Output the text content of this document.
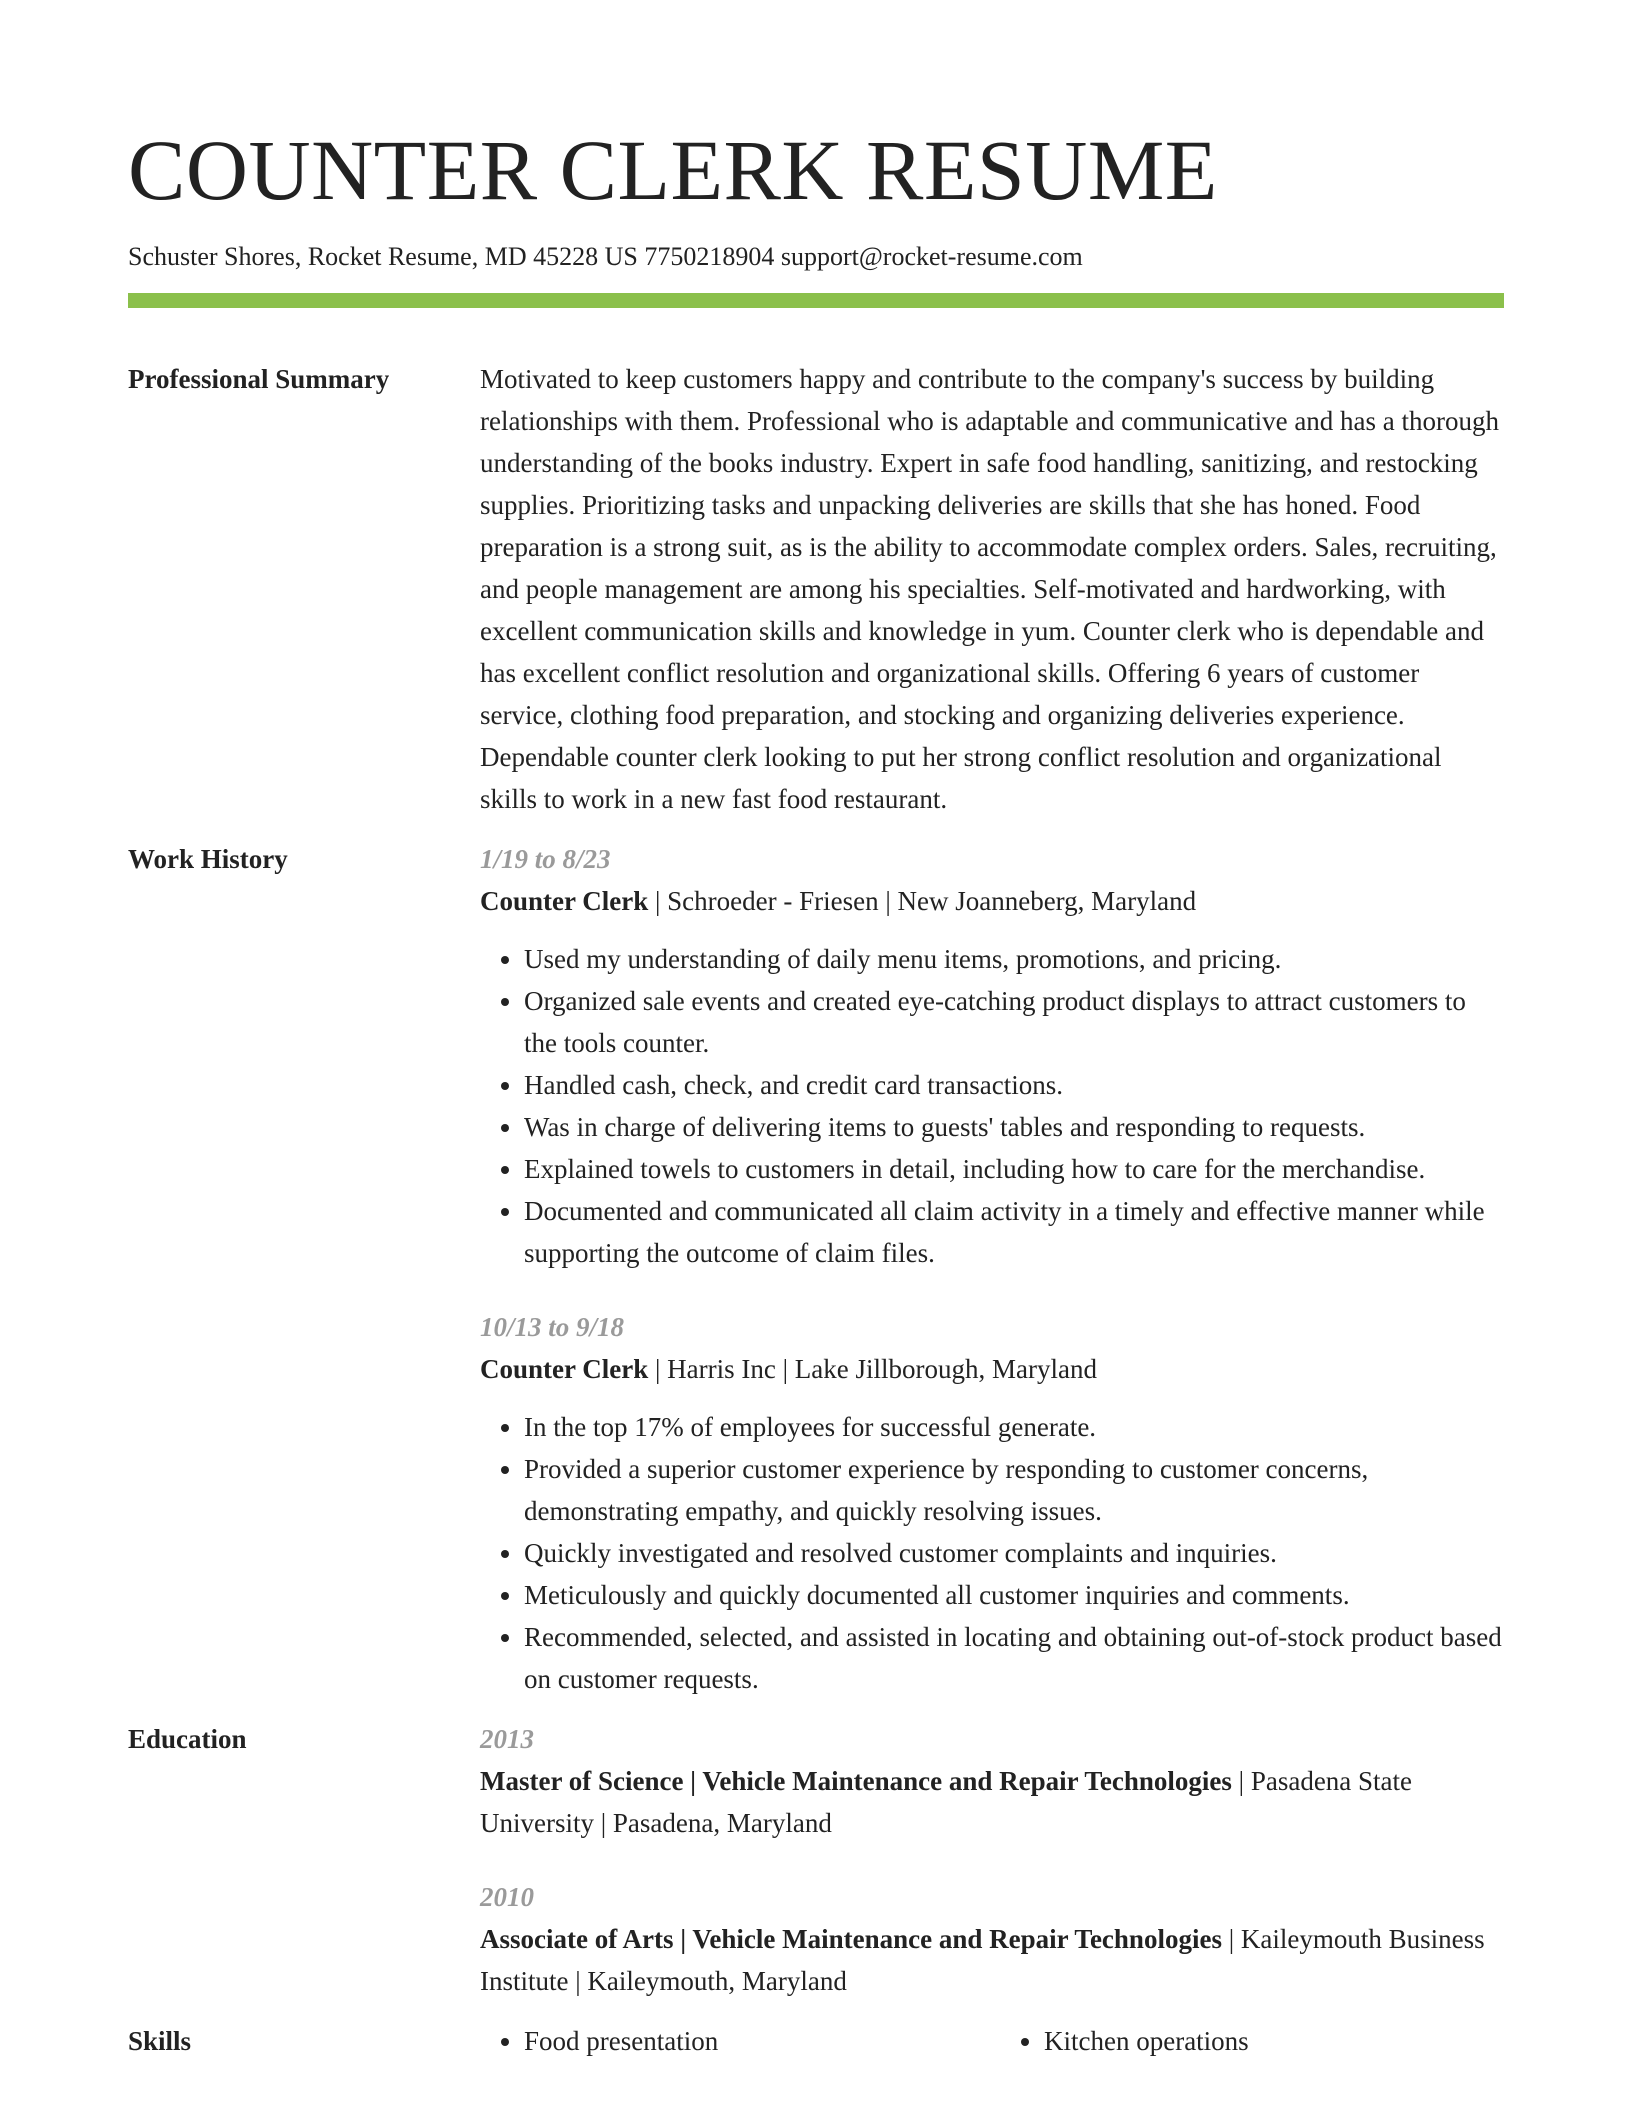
COUNTER CLERK RESUME
Schuster Shores, Rocket Resume, MD 45228 US 7750218904 support@rocket-resume.com
Professional Summary	Motivated to keep customers happy and contribute to the company's success by building relationships with them. Professional who is adaptable and communicative and has a thorough understanding of the books industry. Expert in safe food handling, sanitizing, and restocking supplies. Prioritizing tasks and unpacking deliveries are skills that she has honed. Food preparation is a strong suit, as is the ability to accommodate complex orders. Sales, recruiting, and people management are among his specialties. Self-motivated and hardworking, with excellent communication skills and knowledge in yum. Counter clerk who is dependable and has excellent conflict resolution and organizational skills. Offering 6 years of customer service, clothing food preparation, and stocking and organizing deliveries experience. Dependable counter clerk looking to put her strong conflict resolution and organizational skills to work in a new fast food restaurant.

Work History	1/19 to 8/23
Counter Clerk | Schroeder - Friesen | New Joanneberg, Maryland
• Used my understanding of daily menu items, promotions, and pricing.
• Organized sale events and created eye-catching product displays to attract customers to the tools counter.
• Handled cash, check, and credit card transactions.
• Was in charge of delivering items to guests' tables and responding to requests.
• Explained towels to customers in detail, including how to care for the merchandise.
• Documented and communicated all claim activity in a timely and effective manner while supporting the outcome of claim files.
10/13 to 9/18
Counter Clerk | Harris Inc | Lake Jillborough, Maryland
• In the top 17% of employees for successful generate.
• Provided a superior customer experience by responding to customer concerns, demonstrating empathy, and quickly resolving issues.
• Quickly investigated and resolved customer complaints and inquiries.
• Meticulously and quickly documented all customer inquiries and comments.
• Recommended, selected, and assisted in locating and obtaining out-of-stock product based on customer requests.
Education	2013
Master of Science | Vehicle Maintenance and Repair Technologies | Pasadena State University | Pasadena, Maryland
2010
Associate of Arts | Vehicle Maintenance and Repair Technologies | Kaileymouth Business Institute | Kaileymouth, Maryland
Skills	• Food presentation	• Kitchen operations
